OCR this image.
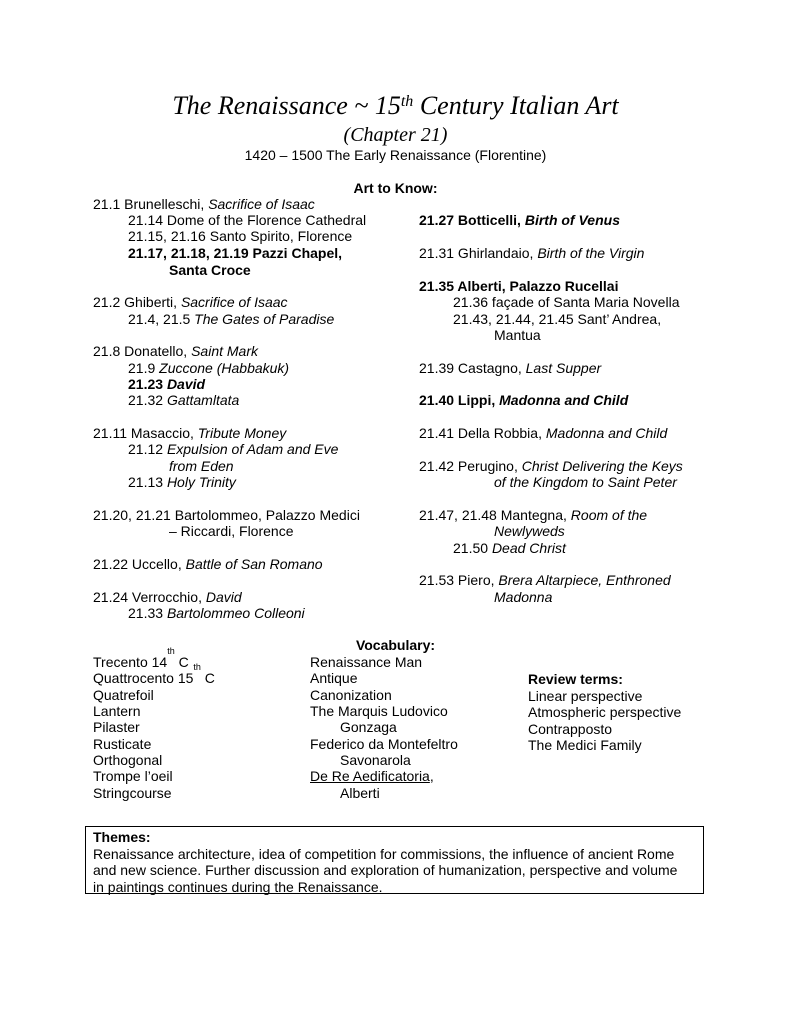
The Renaissance ~ 15th Century Italian Art
(Chapter 21)
1420 – 1500 The Early Renaissance (Florentine)
Art to Know:
21.1 Brunelleschi, Sacrifice of Isaac
21.14 Dome of the Florence Cathedral
21.15, 21.16 Santo Spirito, Florence
21.17, 21.18, 21.19 Pazzi Chapel,
Santa Croce
21.2 Ghiberti, Sacrifice of Isaac
21.4, 21.5 The Gates of Paradise
21.8 Donatello, Saint Mark
21.9 Zuccone (Habbakuk)
21.23 David
21.32 Gattamltata
21.11 Masaccio, Tribute Money
21.12 Expulsion of Adam and Eve
from Eden
21.13 Holy Trinity
21.20, 21.21 Bartolommeo, Palazzo Medici
– Riccardi, Florence
21.22 Uccello, Battle of San Romano
21.24 Verrocchio, David
21.33 Bartolommeo Colleoni
21.27 Botticelli, Birth of Venus
21.31 Ghirlandaio, Birth of the Virgin
21.35 Alberti, Palazzo Rucellai
21.36 façade of Santa Maria Novella
21.43, 21.44, 21.45 Sant’ Andrea,
Mantua
21.39 Castagno, Last Supper
21.40 Lippi, Madonna and Child
21.41 Della Robbia, Madonna and Child
21.42 Perugino, Christ Delivering the Keys
of the Kingdom to Saint Peter
21.47, 21.48 Mantegna, Room of the
Newlyweds
21.50 Dead Christ
21.53 Piero, Brera Altarpiece, Enthroned
Madonna
Vocabulary:
Trecento 14th C
Quattrocento 15th C
Quatrefoil
Lantern
Pilaster
Rusticate
Orthogonal
Trompe l’oeil
Stringcourse
Renaissance Man
Antique
Canonization
The Marquis Ludovico
Gonzaga
Federico da Montefeltro
Savonarola
De Re Aedificatoria,
Alberti
Review terms:
Linear perspective
Atmospheric perspective
Contrapposto
The Medici Family
Themes:
Renaissance architecture, idea of competition for commissions, the influence of ancient Rome
and new science. Further discussion and exploration of humanization, perspective and volume
in paintings continues during the Renaissance.
